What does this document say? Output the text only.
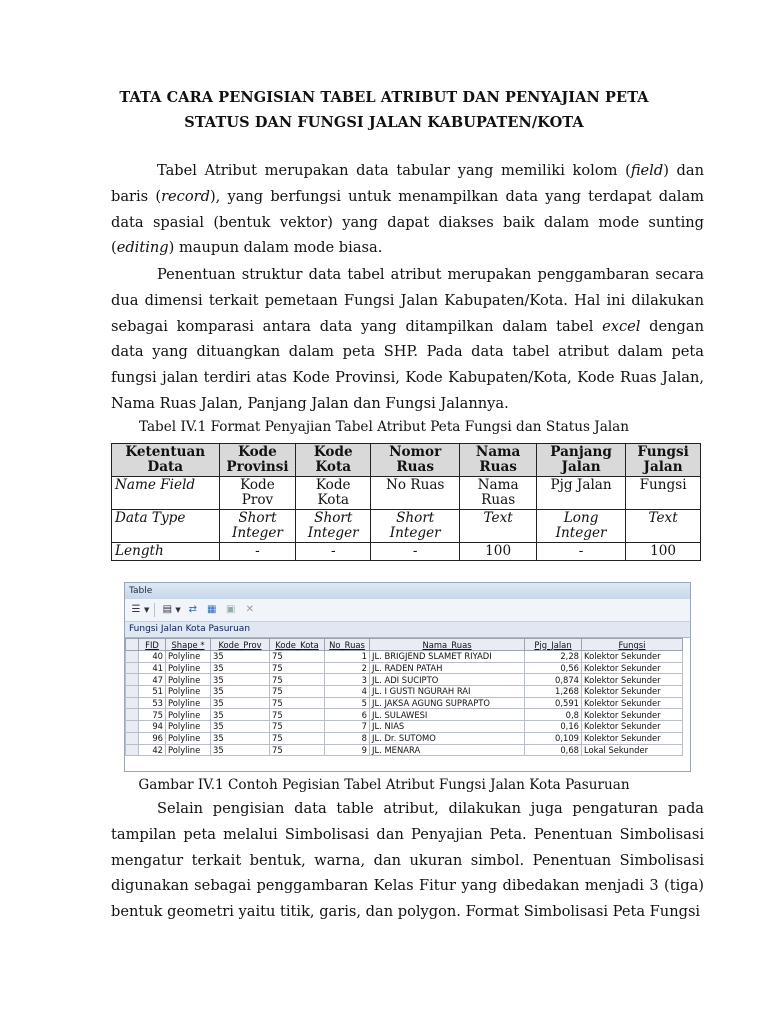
TATA CARA PENGISIAN TABEL ATRIBUT DAN PENYAJIAN PETA
STATUS DAN FUNGSI JALAN KABUPATEN/KOTA

Tabel Atribut merupakan data tabular yang memiliki kolom (field) dan baris (record), yang berfungsi untuk menampilkan data yang terdapat dalam data spasial (bentuk vektor) yang dapat diakses baik dalam mode sunting (editing) maupun dalam mode biasa.

Penentuan struktur data tabel atribut merupakan penggambaran secara dua dimensi terkait pemetaan Fungsi Jalan Kabupaten/Kota. Hal ini dilakukan sebagai komparasi antara data yang ditampilkan dalam tabel excel dengan data yang dituangkan dalam peta SHP. Pada data tabel atribut dalam peta fungsi jalan terdiri atas Kode Provinsi, Kode Kabupaten/Kota, Kode Ruas Jalan, Nama Ruas Jalan, Panjang Jalan dan Fungsi Jalannya.

Tabel IV.1 Format Penyajian Tabel Atribut Peta Fungsi dan Status Jalan
Ketentuan Data	Kode Provinsi	Kode Kota	Nomor Ruas	Nama Ruas	Panjang Jalan	Fungsi Jalan
Name Field	Kode Prov	Kode Kota	No Ruas	Nama Ruas	Pjg Jalan	Fungsi
Data Type	Short Integer	Short Integer	Short Integer	Text	Long Integer	Text
Length	-	-	-	100	-	100
Table
☰ ▼ ▤ ▼ ⇄ ▦ ▣ ✕
Fungsi Jalan Kota Pasuruan
	FID	Shape *	Kode_Prov	Kode_Kota	No_Ruas	Nama_Ruas	Pjg_Jalan	Fungsi
	40	Polyline	35	75	1	JL. BRIGJEND SLAMET RIYADI	2,28	Kolektor Sekunder
	41	Polyline	35	75	2	JL. RADEN PATAH	0,56	Kolektor Sekunder
	47	Polyline	35	75	3	JL. ADI SUCIPTO	0,874	Kolektor Sekunder
	51	Polyline	35	75	4	JL. I GUSTI NGURAH RAI	1,268	Kolektor Sekunder
	53	Polyline	35	75	5	JL. JAKSA AGUNG SUPRAPTO	0,591	Kolektor Sekunder
	75	Polyline	35	75	6	JL. SULAWESI	0,8	Kolektor Sekunder
	94	Polyline	35	75	7	JL. NIAS	0,16	Kolektor Sekunder
	96	Polyline	35	75	8	JL. Dr. SUTOMO	0,109	Kolektor Sekunder
	42	Polyline	35	75	9	JL. MENARA	0,68	Lokal Sekunder
Gambar IV.1 Contoh Pegisian Tabel Atribut Fungsi Jalan Kota Pasuruan

Selain pengisian data table atribut, dilakukan juga pengaturan pada tampilan peta melalui Simbolisasi dan Penyajian Peta. Penentuan Simbolisasi mengatur terkait bentuk, warna, dan ukuran simbol. Penentuan Simbolisasi digunakan sebagai penggambaran Kelas Fitur yang dibedakan menjadi 3 (tiga) bentuk geometri yaitu titik, garis, dan polygon. Format Simbolisasi Peta Fungsi
